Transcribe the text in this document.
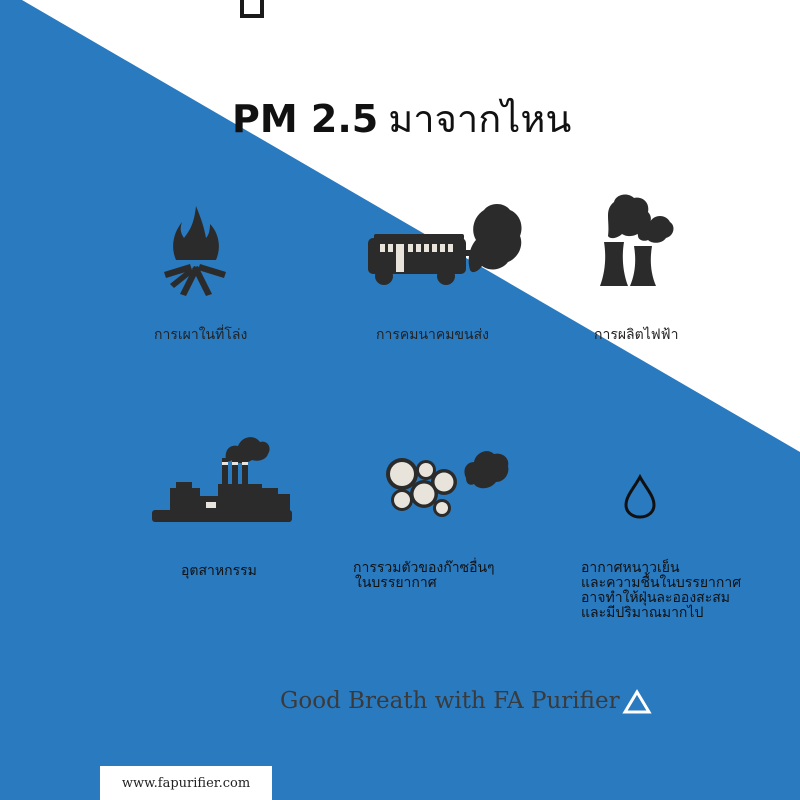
PM 2.5 มาจากไหน
การเผาในที่โล่ง	การคมนาคมขนส่ง	การผลิตไฟฟ้า
อุตสาหกรรม	การรวมตัวของก๊าซอื่นๆ
ในบรรยากาศ
อากาศหนาวเย็น
และความชื้นในบรรยากาศ
อาจทำให้ฝุ่นละอองสะสม
และมีปริมาณมากไป
Good Breath with FA Purifier
www.fapurifier.com
